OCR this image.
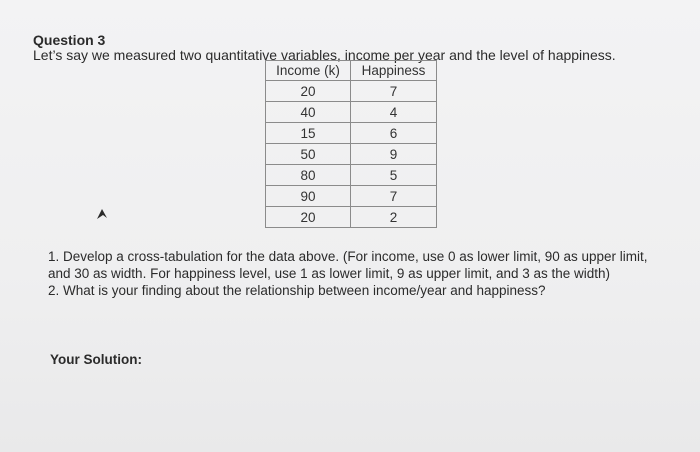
Question 3
Let’s say we measured two quantitative variables, income per year and the level of happiness.
Income (k)	Happiness
20	7
40	4
15	6
50	9
80	5
90	7
20	2

1. Develop a cross-tabulation for the data above. (For income, use 0 as lower limit, 90 as upper limit, and 30 as width. For happiness level, use 1 as lower limit, 9 as upper limit, and 3 as the width)

2. What is your finding about the relationship between income/year and happiness?

Your Solution:
